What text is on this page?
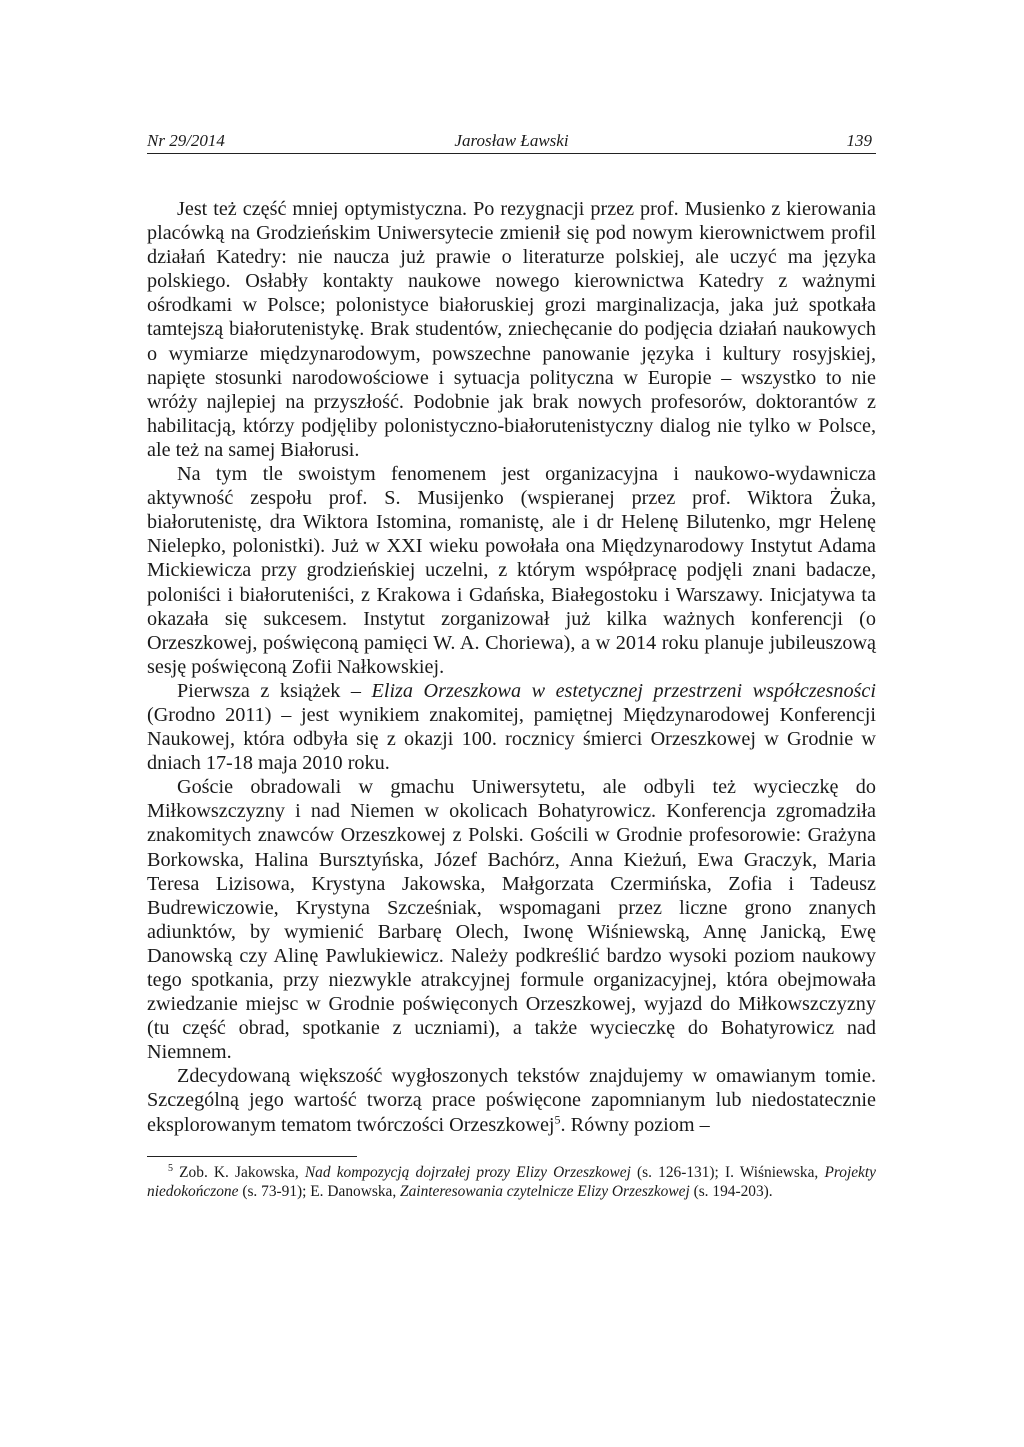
Nr 29/2014	Jarosław Ławski	139

Jest też część mniej optymistyczna. Po rezygnacji przez prof. Musienko z kierowania placówką na Grodzieńskim Uniwersytecie zmienił się pod nowym kierownictwem profil działań Katedry: nie naucza już prawie o literaturze polskiej, ale uczyć ma języka polskiego. Osłabły kontakty naukowe nowego kierownictwa Katedry z ważnymi ośrodkami w Polsce; polonistyce białoruskiej grozi marginalizacja, jaka już spotkała tamtejszą białorutenistykę. Brak studentów, zniechęcanie do podjęcia działań naukowych o wymiarze międzynarodowym, powszechne panowanie języka i kultury rosyjskiej, napięte stosunki narodowościowe i sytuacja polityczna w Europie – wszystko to nie wróży najlepiej na przyszłość. Podobnie jak brak nowych profesorów, doktorantów z habilitacją, którzy podjęliby polonistyczno-białorutenistyczny dialog nie tylko w Polsce, ale też na samej Białorusi.

Na tym tle swoistym fenomenem jest organizacyjna i naukowo-wydawnicza aktywność zespołu prof. S. Musijenko (wspieranej przez prof. Wiktora Żuka, białorutenistę, dra Wiktora Istomina, romanistę, ale i dr Helenę Bilutenko, mgr Helenę Nielepko, polonistki). Już w XXI wieku powołała ona Międzynarodowy Instytut Adama Mickiewicza przy grodzieńskiej uczelni, z którym współpracę podjęli znani badacze, poloniści i białoruteniści, z Krakowa i Gdańska, Białegostoku i Warszawy. Inicjatywa ta okazała się sukcesem. Instytut zorganizował już kilka ważnych konferencji (o Orzeszkowej, poświęconą pamięci W. A. Choriewa), a w 2014 roku planuje jubileuszową sesję poświęconą Zofii Nałkowskiej.

Pierwsza z książek – Eliza Orzeszkowa w estetycznej przestrzeni współczesności (Grodno 2011) – jest wynikiem znakomitej, pamiętnej Międzynarodowej Konferencji Naukowej, która odbyła się z okazji 100. rocznicy śmierci Orzeszkowej w Grodnie w dniach 17-18 maja 2010 roku.

Goście obradowali w gmachu Uniwersytetu, ale odbyli też wycieczkę do Miłkowszczyzny i nad Niemen w okolicach Bohatyrowicz. Konferencja zgromadziła znakomitych znawców Orzeszkowej z Polski. Gościli w Grodnie profesorowie: Grażyna Borkowska, Halina Bursztyńska, Józef Bachórz, Anna Kieżuń, Ewa Graczyk, Maria Teresa Lizisowa, Krystyna Jakowska, Małgorzata Czermińska, Zofia i Tadeusz Budrewiczowie, Krystyna Szcześniak, wspomagani przez liczne grono znanych adiunktów, by wymienić Barbarę Olech, Iwonę Wiśniewską, Annę Janicką, Ewę Danowską czy Alinę Pawlukiewicz. Należy podkreślić bardzo wysoki poziom naukowy tego spotkania, przy niezwykle atrakcyjnej formule organizacyjnej, która obejmowała zwiedzanie miejsc w Grodnie poświęconych Orzeszkowej, wyjazd do Miłkowszczyzny (tu część obrad, spotkanie z uczniami), a także wycieczkę do Bohatyrowicz nad Niemnem.

Zdecydowaną większość wygłoszonych tekstów znajdujemy w omawianym tomie. Szczególną jego wartość tworzą prace poświęcone zapomnianym lub niedostatecznie eksplorowanym tematom twórczości Orzeszkowej$^5$. Równy poziom –

$^5$ Zob. K. Jakowska, Nad kompozycją dojrzałej prozy Elizy Orzeszkowej (s. 126-131); I. Wiśniewska, Projekty niedokończone (s. 73-91); E. Danowska, Zainteresowania czytelnicze Elizy Orzeszkowej (s. 194-203).
